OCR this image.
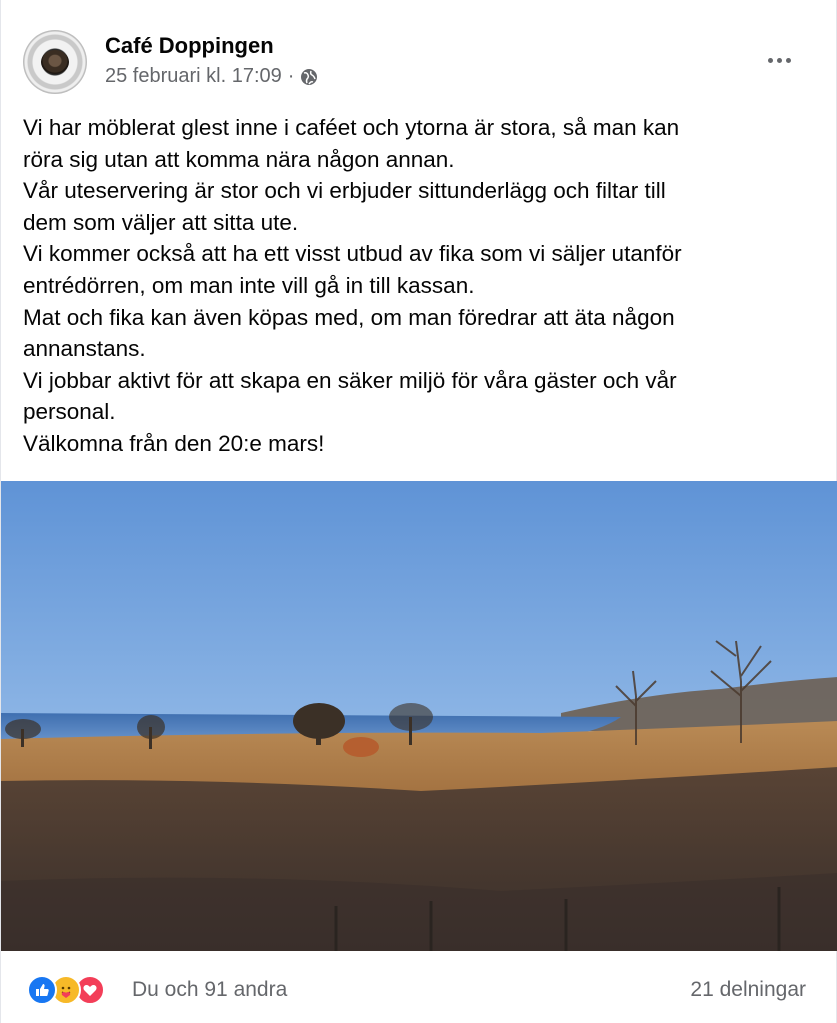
Café Doppingen
25 februari kl. 17:09 ·

Vi har möblerat glest inne i caféet och ytorna är stora, så man kan

röra sig utan att komma nära någon annan.

Vår uteservering är stor och vi erbjuder sittunderlägg och filtar till

dem som väljer att sitta ute.

Vi kommer också att ha ett visst utbud av fika som vi säljer utanför

entrédörren, om man inte vill gå in till kassan.

Mat och fika kan även köpas med, om man föredrar att äta någon

annanstans.

Vi jobbar aktivt för att skapa en säker miljö för våra gäster och vår

personal.

Välkomna från den 20:e mars!

Du och 91 andra	21 delningar
